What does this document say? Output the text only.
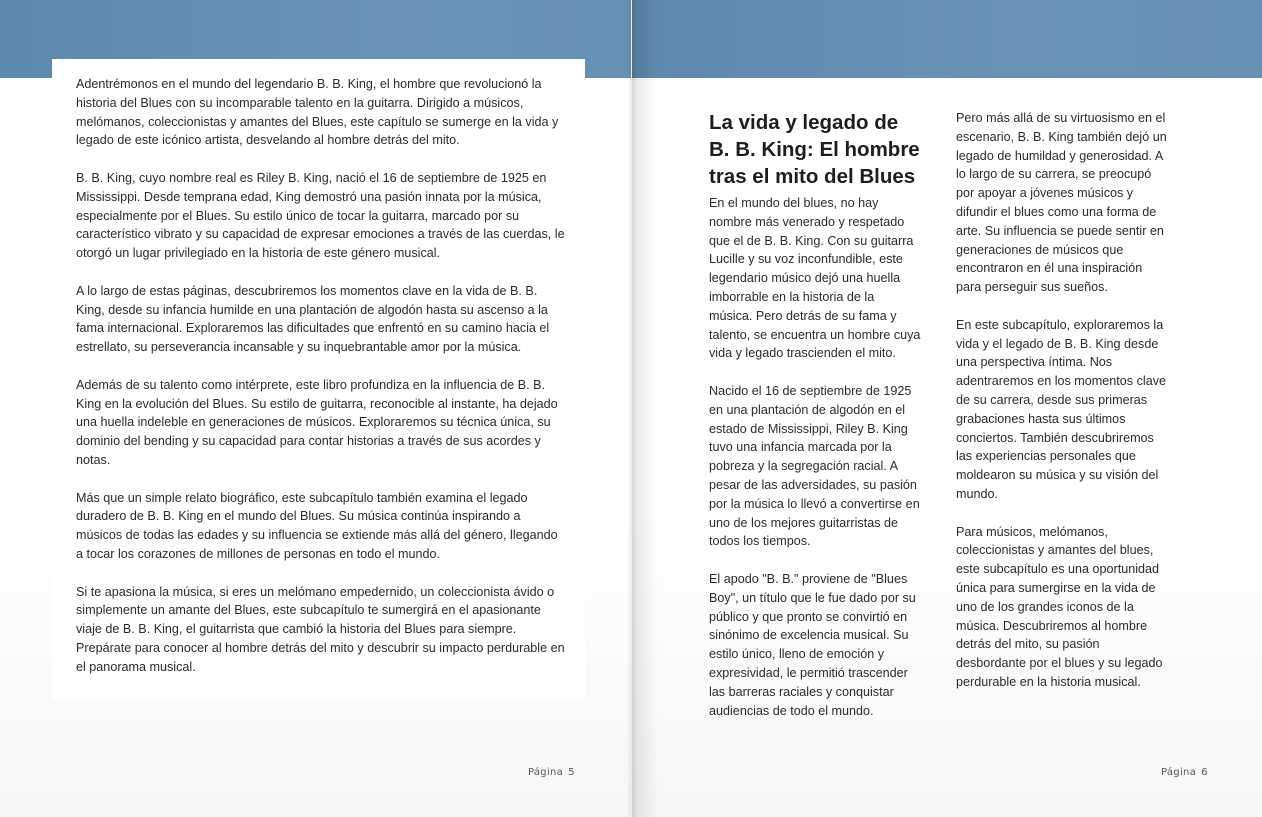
Adentrémonos en el mundo del legendario B. B. King, el hombre que revolucionó la historia del Blues con su incomparable talento en la guitarra. Dirigido a músicos, melómanos, coleccionistas y amantes del Blues, este capítulo se sumerge en la vida y legado de este icónico artista, desvelando al hombre detrás del mito.

B. B. King, cuyo nombre real es Riley B. King, nació el 16 de septiembre de 1925 en Mississippi. Desde temprana edad, King demostró una pasión innata por la música, especialmente por el Blues. Su estilo único de tocar la guitarra, marcado por su característico vibrato y su capacidad de expresar emociones a través de las cuerdas, le otorgó un lugar privilegiado en la historia de este género musical.

A lo largo de estas páginas, descubriremos los momentos clave en la vida de B. B. King, desde su infancia humilde en una plantación de algodón hasta su ascenso a la fama internacional. Exploraremos las dificultades que enfrentó en su camino hacia el estrellato, su perseverancia incansable y su inquebrantable amor por la música.

Además de su talento como intérprete, este libro profundiza en la influencia de B. B. King en la evolución del Blues. Su estilo de guitarra, reconocible al instante, ha dejado una huella indeleble en generaciones de músicos. Exploraremos su técnica única, su dominio del bending y su capacidad para contar historias a través de sus acordes y notas.

Más que un simple relato biográfico, este subcapítulo también examina el legado duradero de B. B. King en el mundo del Blues. Su música continúa inspirando a músicos de todas las edades y su influencia se extiende más allá del género, llegando a tocar los corazones de millones de personas en todo el mundo.

Si te apasiona la música, si eres un melómano empedernido, un coleccionista ávido o simplemente un amante del Blues, este subcapítulo te sumergirá en el apasionante viaje de B. B. King, el guitarrista que cambió la historia del Blues para siempre. Prepárate para conocer al hombre detrás del mito y descubrir su impacto perdurable en el panorama musical.

Página 5
La vida y legado de B. B. King: El hombre tras el mito del Blues

En el mundo del blues, no hay nombre más venerado y respetado que el de B. B. King. Con su guitarra Lucille y su voz inconfundible, este legendario músico dejó una huella imborrable en la historia de la música. Pero detrás de su fama y talento, se encuentra un hombre cuya vida y legado trascienden el mito.

Nacido el 16 de septiembre de 1925 en una plantación de algodón en el estado de Mississippi, Riley B. King tuvo una infancia marcada por la pobreza y la segregación racial. A pesar de las adversidades, su pasión por la música lo llevó a convertirse en uno de los mejores guitarristas de todos los tiempos.

El apodo "B. B." proviene de "Blues Boy", un título que le fue dado por su público y que pronto se convirtió en sinónimo de excelencia musical. Su estilo único, lleno de emoción y expresividad, le permitió trascender las barreras raciales y conquistar audiencias de todo el mundo.

Pero más allá de su virtuosismo en el escenario, B. B. King también dejó un legado de humildad y generosidad. A lo largo de su carrera, se preocupó por apoyar a jóvenes músicos y difundir el blues como una forma de arte. Su influencia se puede sentir en generaciones de músicos que encontraron en él una inspiración para perseguir sus sueños.

En este subcapítulo, exploraremos la vida y el legado de B. B. King desde una perspectiva íntima. Nos adentraremos en los momentos clave de su carrera, desde sus primeras grabaciones hasta sus últimos conciertos. También descubriremos las experiencias personales que moldearon su música y su visión del mundo.

Para músicos, melómanos, coleccionistas y amantes del blues, este subcapítulo es una oportunidad única para sumergirse en la vida de uno de los grandes iconos de la música. Descubriremos al hombre detrás del mito, su pasión desbordante por el blues y su legado perdurable en la historia musical.

Página 6
